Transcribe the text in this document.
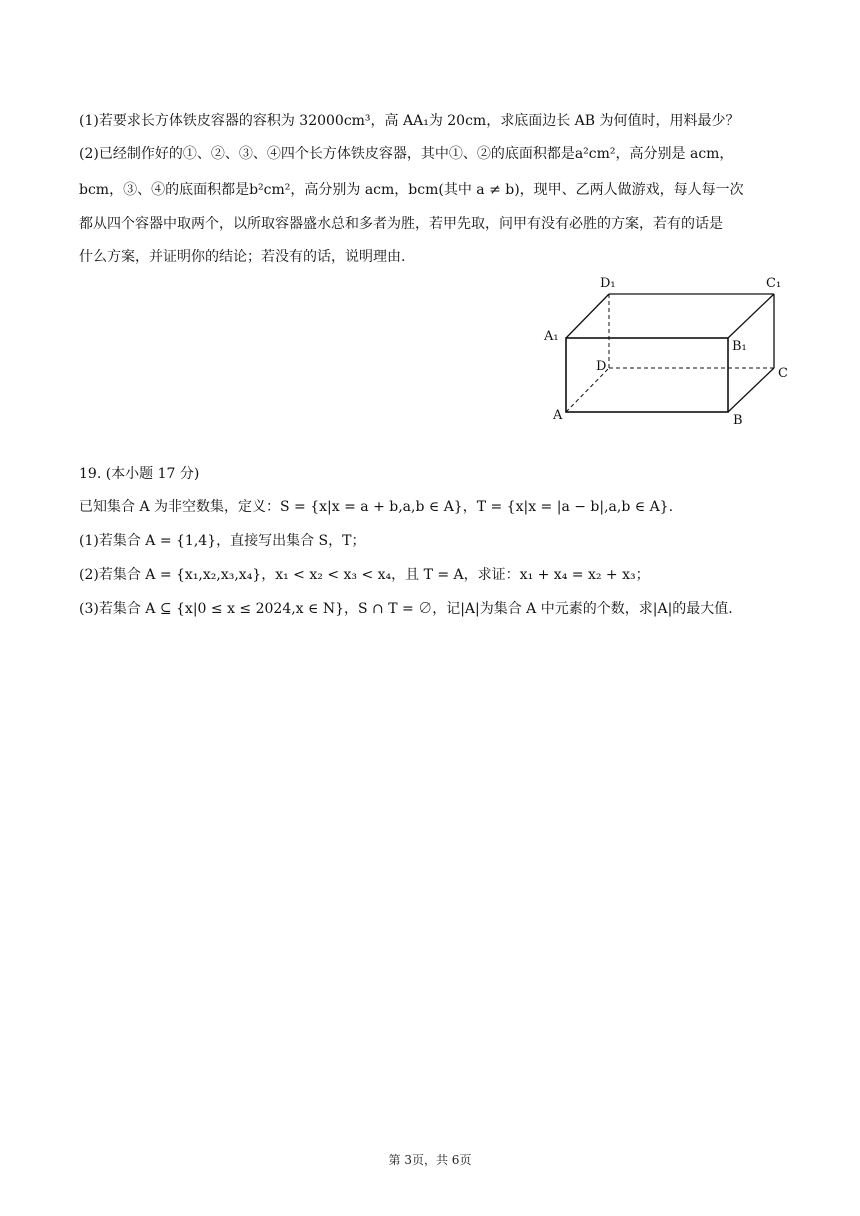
(1)若要求长方体铁皮容器的容积为 32000cm³，高 AA₁为 20cm，求底面边长 AB 为何值时，用料最少？
(2)已经制作好的①、②、③、④四个长方体铁皮容器，其中①、②的底面积都是a²cm²，高分别是 acm，
bcm，③、④的底面积都是b²cm²，高分别为 acm，bcm(其中 a ≠ b)，现甲、乙两人做游戏，每人每一次
都从四个容器中取两个，以所取容器盛水总和多者为胜，若甲先取，问甲有没有必胜的方案，若有的话是
什么方案，并证明你的结论；若没有的话，说明理由.
D₁	C₁
A₁
B₁
D	C
A	B
19. (本小题 17 分)
已知集合 A 为非空数集，定义：S = {x|x = a + b,a,b ∈ A}，T = {x|x = |a − b|,a,b ∈ A}.
(1)若集合 A = {1,4}，直接写出集合 S，T；
(2)若集合 A = {x₁,x₂,x₃,x₄}，x₁ < x₂ < x₃ < x₄，且 T = A，求证：x₁ + x₄ = x₂ + x₃；
(3)若集合 A ⊆ {x|0 ≤ x ≤ 2024,x ∈ N}，S ∩ T = ∅，记|A|为集合 A 中元素的个数，求|A|的最大值.
第 3页，共 6页
